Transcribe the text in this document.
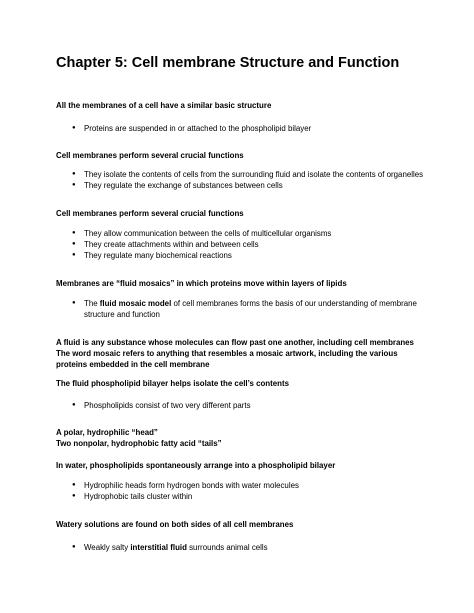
Chapter 5: Cell membrane Structure and Function

All the membranes of a cell have a similar basic structure

● Proteins are suspended in or attached to the phospholipid bilayer

Cell membranes perform several crucial functions

● They isolate the contents of cells from the surrounding fluid and isolate the contents of organelles
● They regulate the exchange of substances between cells

Cell membranes perform several crucial functions

● They allow communication between the cells of multicellular organisms
● They create attachments within and between cells
● They regulate many biochemical reactions

Membranes are “fluid mosaics” in which proteins move within layers of lipids

● The fluid mosaic model of cell membranes forms the basis of our understanding of membrane
structure and function

A fluid is any substance whose molecules can flow past one another, including cell membranes

The word mosaic refers to anything that resembles a mosaic artwork, including the various

proteins embedded in the cell membrane

The fluid phospholipid bilayer helps isolate the cell’s contents

● Phospholipids consist of two very different parts

A polar, hydrophilic “head”

Two nonpolar, hydrophobic fatty acid “tails”

In water, phospholipids spontaneously arrange into a phospholipid bilayer

● Hydrophilic heads form hydrogen bonds with water molecules
● Hydrophobic tails cluster within

Watery solutions are found on both sides of all cell membranes

● Weakly salty interstitial fluid surrounds animal cells
